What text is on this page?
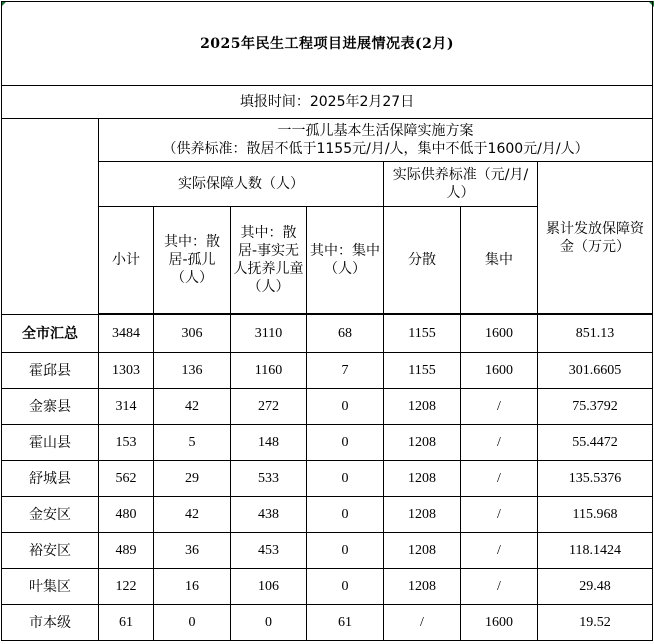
2025年民生工程项目进展情况表(2月)							
填报时间：2025年2月27日							

	一一孤儿基本生活保障实施方案
（供养标准：散居不低于1155元/月/人，集中不低于1600元/月/人）						

	实际保障人数（人）				实际供养标准（元/月/人）		累计发放保障资金（万元）
	小计	其中：散居-孤儿（人）	其中：散居-事实无人抚养儿童（人）	其中：集中（人）	分散	集中	

全市汇总	3484	306	3110	68	1155	1600	851.13
霍邱县	1303	136	1160	7	1155	1600	301.6605
金寨县	314	42	272	0	1208	/	75.3792
霍山县	153	5	148	0	1208	/	55.4472
舒城县	562	29	533	0	1208	/	135.5376
金安区	480	42	438	0	1208	/	115.968
裕安区	489	36	453	0	1208	/	118.1424
叶集区	122	16	106	0	1208	/	29.48
市本级	61	0	0	61	/	1600	19.52
